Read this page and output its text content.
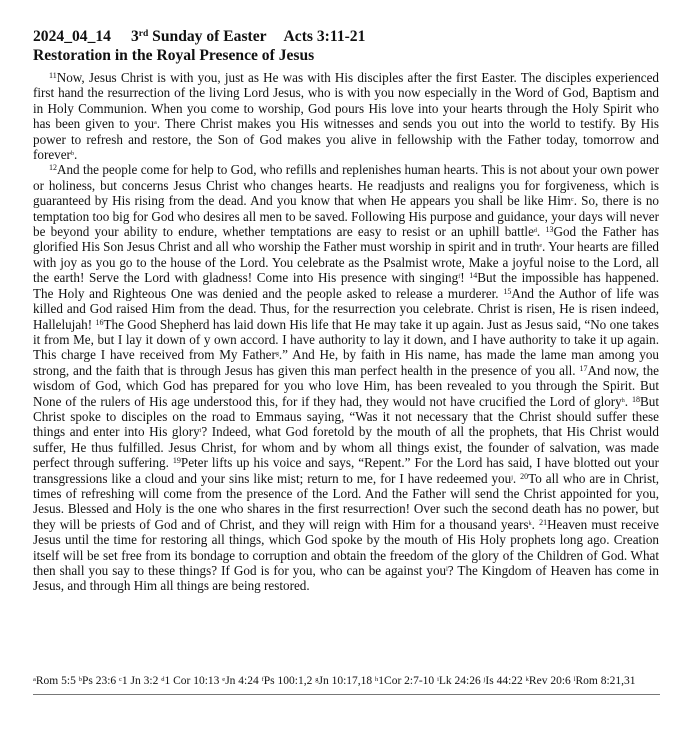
2024_04_14 3rd Sunday of Easter Acts 3:11-21
Restoration in the Royal Presence of Jesus

$^{11}$Now, Jesus Christ is with you, just as He was with His disciples after the first Easter. The disciples experienced first hand the resurrection of the living Lord Jesus, who is with you now especially in the Word of God, Baptism and in Holy Communion. When you come to worship, God pours His love into your hearts through the Holy Spirit who has been given to you$^a$. There Christ makes you His witnesses and sends you out into the world to testify. By His power to refresh and restore, the Son of God makes you alive in fellowship with the Father today, tomorrow and forever$^b$.

$^{12}$And the people come for help to God, who refills and replenishes human hearts. This is not about your own power or holiness, but concerns Jesus Christ who changes hearts. He readjusts and realigns you for forgiveness, which is guaranteed by His rising from the dead. And you know that when He appears you shall be like Him$^c$. So, there is no temptation too big for God who desires all men to be saved. Following His purpose and guidance, your days will never be beyond your ability to endure, whether temptations are easy to resist or an uphill battle$^d$. $^{13}$God the Father has glorified His Son Jesus Christ and all who worship the Father must worship in spirit and in truth$^e$. Your hearts are filled with joy as you go to the house of the Lord. You celebrate as the Psalmist wrote, Make a joyful noise to the Lord, all the earth! Serve the Lord with gladness! Come into His presence with singing$^f$! $^{14}$But the impossible has happened. The Holy and Righteous One was denied and the people asked to release a murderer. $^{15}$And the Author of life was killed and God raised Him from the dead. Thus, for the resurrection you celebrate. Christ is risen, He is risen indeed, Hallelujah! $^{16}$The Good Shepherd has laid down His life that He may take it up again. Just as Jesus said, “No one takes it from Me, but I lay it down of y own accord. I have authority to lay it down, and I have authority to take it up again. This charge I have received from My Father$^g$.” And He, by faith in His name, has made the lame man among you strong, and the faith that is through Jesus has given this man perfect health in the presence of you all. $^{17}$And now, the wisdom of God, which God has prepared for you who love Him, has been revealed to you through the Spirit. But None of the rulers of His age understood this, for if they had, they would not have crucified the Lord of glory$^h$. $^{18}$But Christ spoke to disciples on the road to Emmaus saying, “Was it not necessary that the Christ should suffer these things and enter into His glory$^i$? Indeed, what God foretold by the mouth of all the prophets, that His Christ would suffer, He thus fulfilled. Jesus Christ, for whom and by whom all things exist, the founder of salvation, was made perfect through suffering. $^{19}$Peter lifts up his voice and says, “Repent.” For the Lord has said, I have blotted out your transgressions like a cloud and your sins like mist; return to me, for I have redeemed you$^j$. $^{20}$To all who are in Christ, times of refreshing will come from the presence of the Lord. And the Father will send the Christ appointed for you, Jesus. Blessed and Holy is the one who shares in the first resurrection! Over such the second death has no power, but they will be priests of God and of Christ, and they will reign with Him for a thousand years$^k$. $^{21}$Heaven must receive Jesus until the time for restoring all things, which God spoke by the mouth of His Holy prophets long ago. Creation itself will be set free from its bondage to corruption and obtain the freedom of the glory of the Children of God. What then shall you say to these things? If God is for you, who can be against you$^l$? The Kingdom of Heaven has come in Jesus, and through Him all things are being restored.

$^a$Rom 5:5 $^b$Ps 23:6 $^c$1 Jn 3:2 $^d$1 Cor 10:13 $^e$Jn 4:24 $^f$Ps 100:1,2 $^g$Jn 10:17,18 $^h$1Cor 2:7-10 $^i$Lk 24:26 $^j$Is 44:22 $^k$Rev 20:6 $^l$Rom 8:21,31
